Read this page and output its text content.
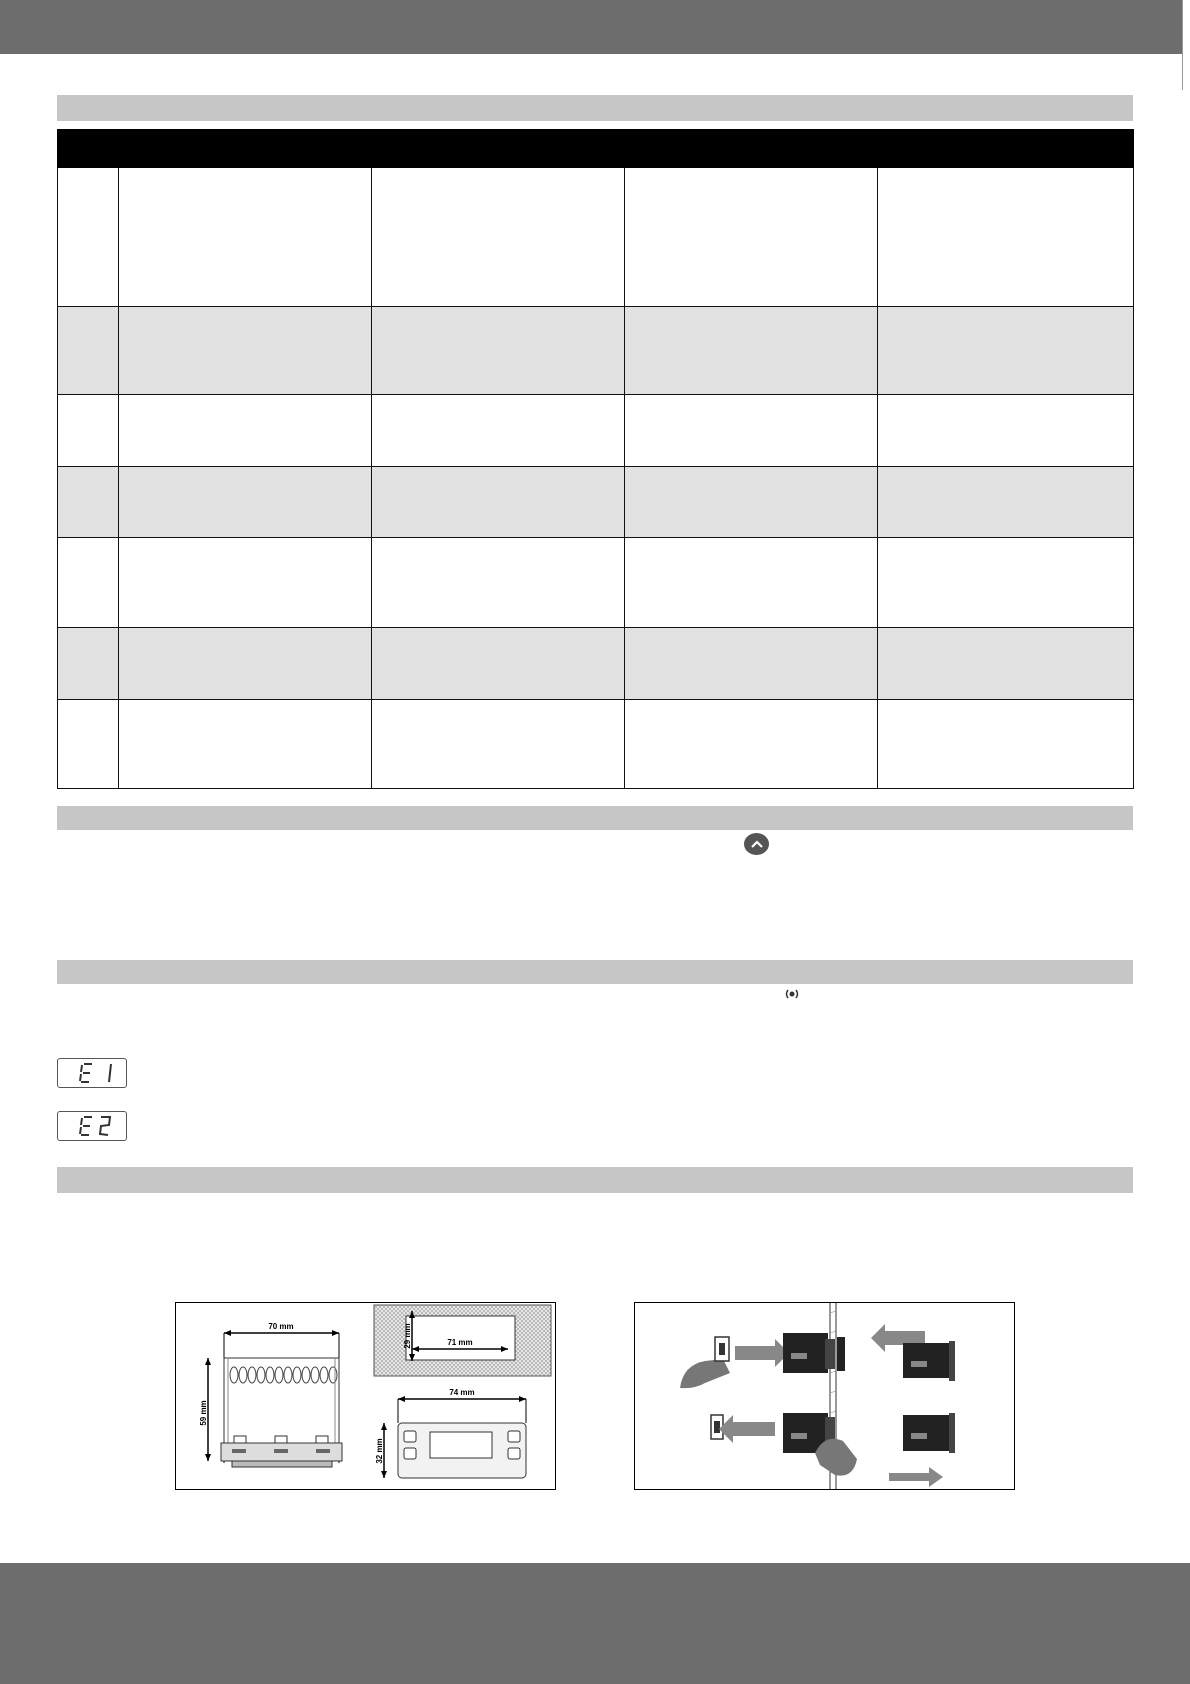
70 mm
59 mm
29 mm	71 mm
74 mm
32 mm
